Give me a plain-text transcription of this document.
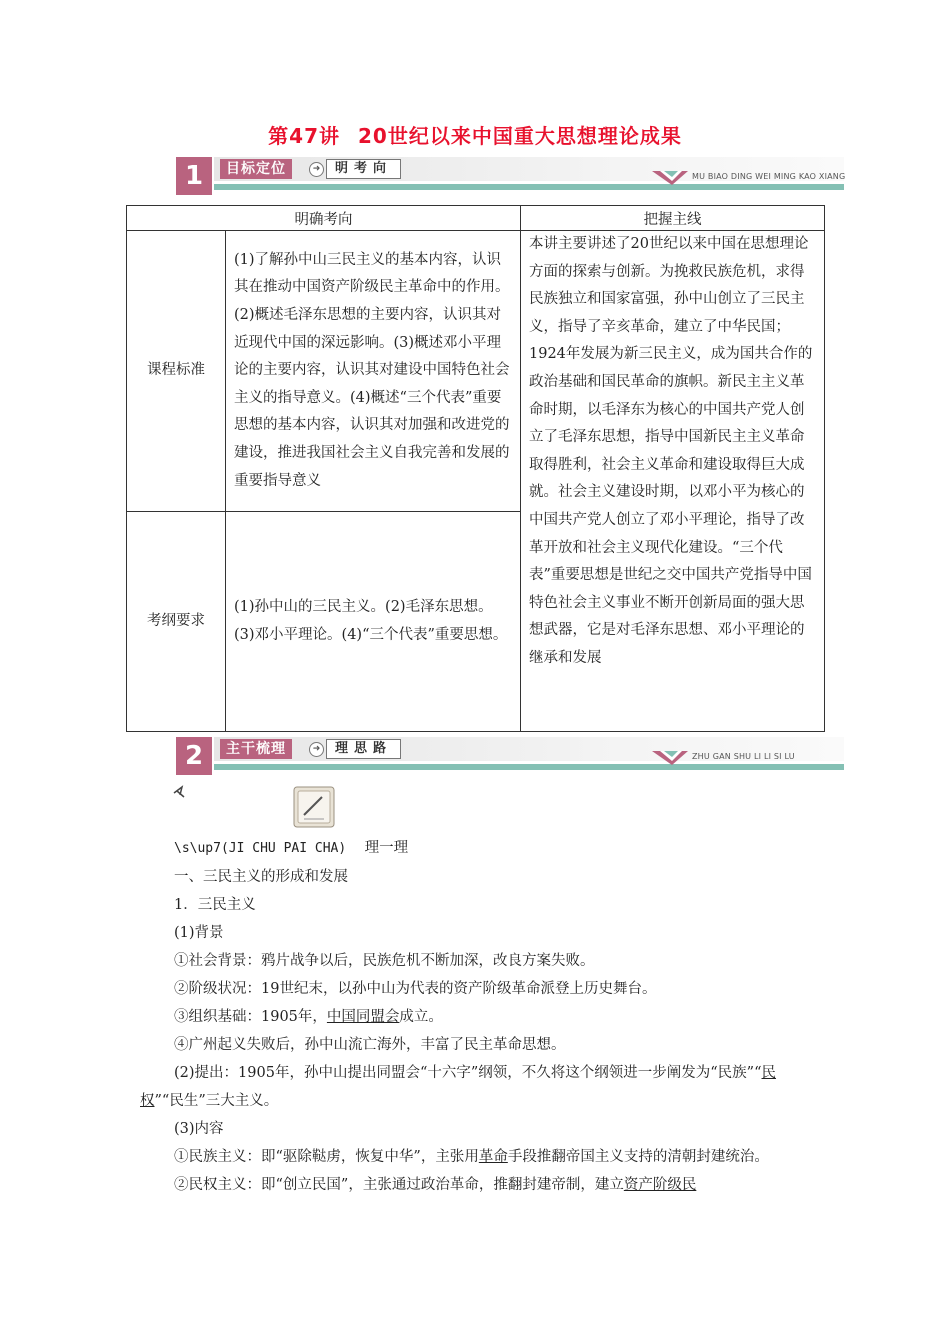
第47讲 20世纪以来中国重大思想理论成果
1	目标定位	➜	明考向
MU BIAO DING WEI MING KAO XIANG
明确考向		把握主线
课程标准	(1)了解孙中山三民主义的基本内容，认识其在推动中国资产阶级民主革命中的作用。(2)概述毛泽东思想的主要内容，认识其对近现代中国的深远影响。(3)概述邓小平理论的主要内容，认识其对建设中国特色社会主义的指导意义。(4)概述“三个代表”重要思想的基本内容，认识其对加强和改进党的建设，推进我国社会主义自我完善和发展的重要指导意义	本讲主要讲述了20世纪以来中国在思想理论方面的探索与创新。为挽救民族危机，求得民族独立和国家富强，孙中山创立了三民主义，指导了辛亥革命，建立了中华民国；1924年发展为新三民主义，成为国共合作的政治基础和国民革命的旗帜。新民主主义革命时期，以毛泽东为核心的中国共产党人创立了毛泽东思想，指导中国新民主主义革命取得胜利，社会主义革命和建设取得巨大成就。社会主义建设时期，以邓小平为核心的中国共产党人创立了邓小平理论，指导了改革开放和社会主义现代化建设。“三个代表”重要思想是世纪之交中国共产党指导中国特色社会主义事业不断开创新局面的强大思想武器，它是对毛泽东思想、邓小平理论的继承和发展
考纲要求	(1)孙中山的三民主义。(2)毛泽东思想。(3)邓小平理论。(4)“三个代表”重要思想。	
2	主干梳理	➜	理思路
ZHU GAN SHU LI LI SI LU

\s\up7(JI CHU PAI CHA) 理一理

一、三民主义的形成和发展

1．三民主义

(1)背景

①社会背景：鸦片战争以后，民族危机不断加深，改良方案失败。

②阶级状况：19世纪末，以孙中山为代表的资产阶级革命派登上历史舞台。

③组织基础：1905年，中国同盟会成立。

④广州起义失败后，孙中山流亡海外，丰富了民主革命思想。

(2)提出：1905年，孙中山提出同盟会“十六字”纲领，不久将这个纲领进一步阐发为“民族”“民权”“民生”三大主义。

(3)内容

①民族主义：即“驱除鞑虏，恢复中华”，主张用革命手段推翻帝国主义支持的清朝封建统治。

②民权主义：即“创立民国”，主张通过政治革命，推翻封建帝制，建立资产阶级民
